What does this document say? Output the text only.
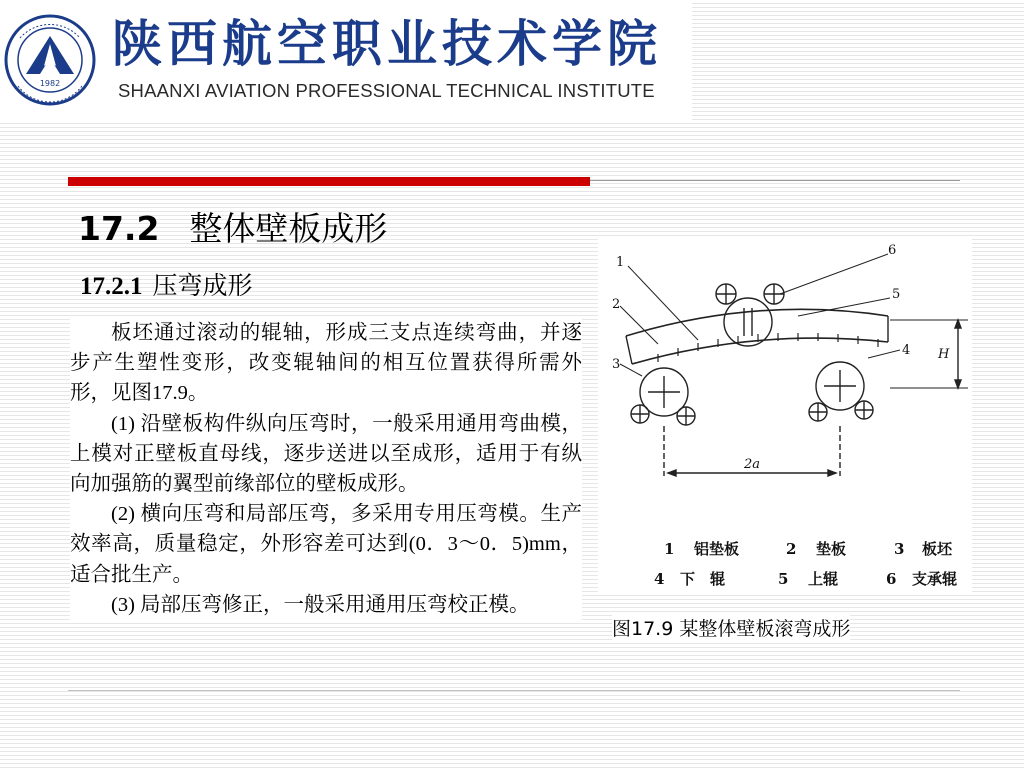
1982
陕西航空职业技术学院
SHAANXI AVIATION PROFESSIONAL TECHNICAL INSTITUTE
17.2 整体壁板成形
17.2.1 压弯成形

板坯通过滚动的辊轴，形成三支点连续弯曲，并逐步产生塑性变形，改变辊轴间的相互位置获得所需外形，见图17.9。

(1) 沿壁板构件纵向压弯时，一般采用通用弯曲模，上模对正壁板直母线，逐步送进以至成形，适用于有纵向加强筋的翼型前缘部位的壁板成形。

(2) 横向压弯和局部压弯，多采用专用压弯模。生产效率高，质量稳定，外形容差可达到(0．3～0．5)mm，适合批生产。

(3) 局部压弯修正，一般采用通用压弯校正模。

1
2
3
4
5
6
H
2a
1 铝垫板	2 垫板	3 板坯
4 下　辊	5 上辊	6 支承辊
图17.9 某整体壁板滚弯成形
